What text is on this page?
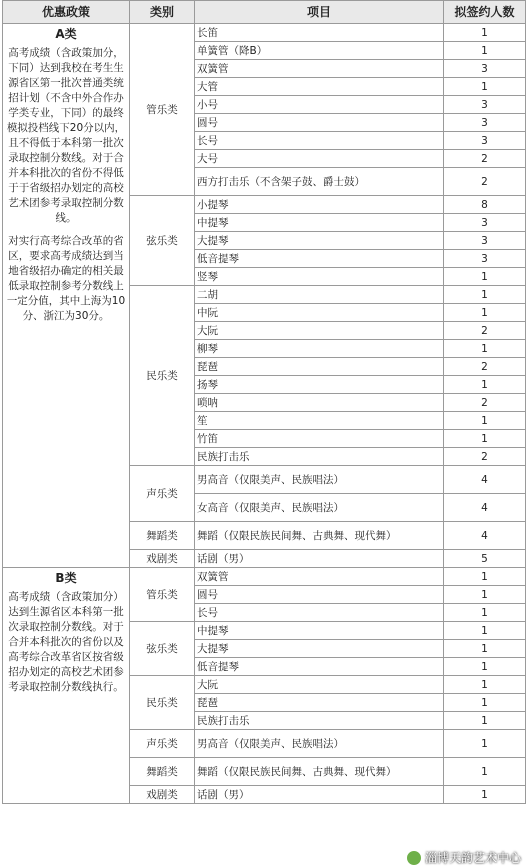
优惠政策	类别	项目	拟签约人数

A类

高考成绩（含政策加分，下同）达到我校在考生生源省区第一批次普通类统招计划（不含中外合作办学类专业，下同）的最终模拟投档线下20分以内，且不得低于本科第一批次录取控制分数线。对于合并本科批次的省份不得低于于省级招办划定的高校艺术团参考录取控制分数线。

对实行高考综合改革的省区，要求高考成绩达到当地省级招办确定的相关最低录取控制参考分数线上一定分值，其中上海为10分、浙江为30分。	管乐类	长笛	1
		单簧管（降B）	1
		双簧管	3
		大管	1
		小号	3
		圆号	3
		长号	3
		大号	2
		西方打击乐（不含架子鼓、爵士鼓）	2
	弦乐类	小提琴	8
		中提琴	3
		大提琴	3
		低音提琴	3
		竖琴	1
	民乐类	二胡	1
		中阮	1
		大阮	2
		柳琴	1
		琵琶	2
		扬琴	1
		唢呐	2
		笙	1
		竹笛	1
		民族打击乐	2
	声乐类	男高音（仅限美声、民族唱法）	4
		女高音（仅限美声、民族唱法）	4
	舞蹈类	舞蹈（仅限民族民间舞、古典舞、现代舞）	4
	戏剧类	话剧（男）	5

B类

高考成绩（含政策加分）达到生源省区本科第一批次录取控制分数线。对于合并本科批次的省份以及高考综合改革省区按省级招办划定的高校艺术团参考录取控制分数线执行。	管乐类	双簧管	1
		圆号	1
		长号	1
	弦乐类	中提琴	1
		大提琴	1
		低音提琴	1
	民乐类	大阮	1
		琵琶	1
		民族打击乐	1
	声乐类	男高音（仅限美声、民族唱法）	1
	舞蹈类	舞蹈（仅限民族民间舞、古典舞、现代舞）	1
	戏剧类	话剧（男）	1
淄博天韵艺术中心
